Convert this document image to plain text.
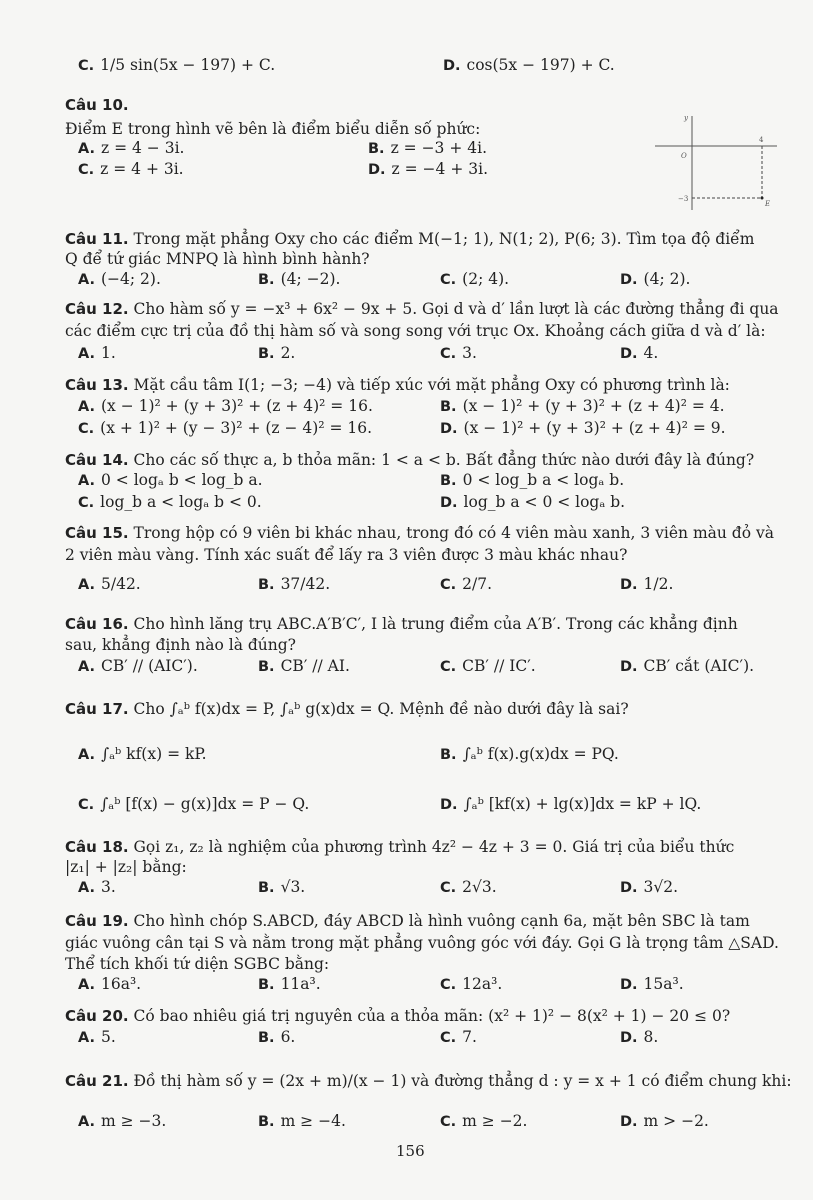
C. 1/5 sin(5x − 197) + C.	D. cos(5x − 197) + C.
Câu 10.
Điểm E trong hình vẽ bên là điểm biểu diễn số phức:
A. z = 4 − 3i.	B. z = −3 + 4i.
C. z = 4 + 3i.	D. z = −4 + 3i.
Câu 11. Trong mặt phẳng Oxy cho các điểm M(−1; 1), N(1; 2), P(6; 3). Tìm tọa độ điểm
Q để tứ giác MNPQ là hình bình hành?
A. (−4; 2).	B. (4; −2).	C. (2; 4).	D. (4; 2).
Câu 12. Cho hàm số y = −x³ + 6x² − 9x + 5. Gọi d và d′ lần lượt là các đường thẳng đi qua
các điểm cực trị của đồ thị hàm số và song song với trục Ox. Khoảng cách giữa d và d′ là:
A. 1.	B. 2.	C. 3.	D. 4.
Câu 13. Mặt cầu tâm I(1; −3; −4) và tiếp xúc với mặt phẳng Oxy có phương trình là:
A. (x − 1)² + (y + 3)² + (z + 4)² = 16.	B. (x − 1)² + (y + 3)² + (z + 4)² = 4.
C. (x + 1)² + (y − 3)² + (z − 4)² = 16.	D. (x − 1)² + (y + 3)² + (z + 4)² = 9.
Câu 14. Cho các số thực a, b thỏa mãn: 1 < a < b. Bất đẳng thức nào dưới đây là đúng?
A. 0 < logₐ b < log_b a.	B. 0 < log_b a < logₐ b.
C. log_b a < logₐ b < 0.	D. log_b a < 0 < logₐ b.
Câu 15. Trong hộp có 9 viên bi khác nhau, trong đó có 4 viên màu xanh, 3 viên màu đỏ và
2 viên màu vàng. Tính xác suất để lấy ra 3 viên được 3 màu khác nhau?
A. 5/42.	B. 37/42.	C. 2/7.	D. 1/2.
Câu 16. Cho hình lăng trụ ABC.A′B′C′, I là trung điểm của A′B′. Trong các khẳng định
sau, khẳng định nào là đúng?
A. CB′ // (AIC′).	B. CB′ // AI.	C. CB′ // IC′.	D. CB′ cắt (AIC′).
Câu 17. Cho ∫ₐᵇ f(x)dx = P, ∫ₐᵇ g(x)dx = Q. Mệnh đề nào dưới đây là sai?
A. ∫ₐᵇ kf(x) = kP.	B. ∫ₐᵇ f(x).g(x)dx = PQ.
C. ∫ₐᵇ [f(x) − g(x)]dx = P − Q.	D. ∫ₐᵇ [kf(x) + lg(x)]dx = kP + lQ.
Câu 18. Gọi z₁, z₂ là nghiệm của phương trình 4z² − 4z + 3 = 0. Giá trị của biểu thức
|z₁| + |z₂| bằng:
A. 3.	B. √3.	C. 2√3.	D. 3√2.
Câu 19. Cho hình chóp S.ABCD, đáy ABCD là hình vuông cạnh 6a, mặt bên SBC là tam
giác vuông cân tại S và nằm trong mặt phẳng vuông góc với đáy. Gọi G là trọng tâm △SAD.
Thể tích khối tứ diện SGBC bằng:
A. 16a³.	B. 11a³.	C. 12a³.	D. 15a³.
Câu 20. Có bao nhiêu giá trị nguyên của a thỏa mãn: (x² + 1)² − 8(x² + 1) − 20 ≤ 0?
A. 5.	B. 6.	C. 7.	D. 8.
Câu 21. Đồ thị hàm số y = (2x + m)/(x − 1) và đường thẳng d : y = x + 1 có điểm chung khi:
A. m ≥ −3.	B. m ≥ −4.	C. m ≥ −2.	D. m > −2.
y
O
4
−3
E
156
